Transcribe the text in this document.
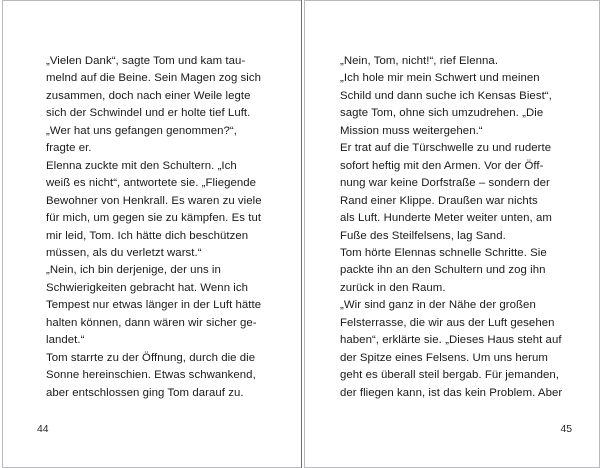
„Vielen Dank“, sagte Tom und kam tau-
melnd auf die Beine. Sein Magen zog sich
zusammen, doch nach einer Weile legte
sich der Schwindel und er holte tief Luft.

„Wer hat uns gefangen genommen?“,
fragte er.

Elenna zuckte mit den Schultern. „Ich
weiß es nicht“, antwortete sie. „Fliegende
Bewohner von Henkrall. Es waren zu viele
für mich, um gegen sie zu kämpfen. Es tut
mir leid, Tom. Ich hätte dich beschützen
müssen, als du verletzt warst.“

„Nein, ich bin derjenige, der uns in
Schwierigkeiten gebracht hat. Wenn ich
Tempest nur etwas länger in der Luft hätte
halten können, dann wären wir sicher ge-
landet.“

Tom starrte zu der Öffnung, durch die die
Sonne hereinschien. Etwas schwankend,
aber entschlossen ging Tom darauf zu.

44

„Nein, Tom, nicht!“, rief Elenna.

„Ich hole mir mein Schwert und meinen
Schild und dann suche ich Kensas Biest“,
sagte Tom, ohne sich umzudrehen. „Die
Mission muss weitergehen.“

Er trat auf die Türschwelle zu und ruderte
sofort heftig mit den Armen. Vor der Öff-
nung war keine Dorfstraße – sondern der
Rand einer Klippe. Draußen war nichts
als Luft. Hunderte Meter weiter unten, am
Fuße des Steilfelsens, lag Sand.

Tom hörte Elennas schnelle Schritte. Sie
packte ihn an den Schultern und zog ihn
zurück in den Raum.

„Wir sind ganz in der Nähe der großen
Felsterrasse, die wir aus der Luft gesehen
haben“, erklärte sie. „Dieses Haus steht auf
der Spitze eines Felsens. Um uns herum
geht es überall steil bergab. Für jemanden,
der fliegen kann, ist das kein Problem. Aber

45
